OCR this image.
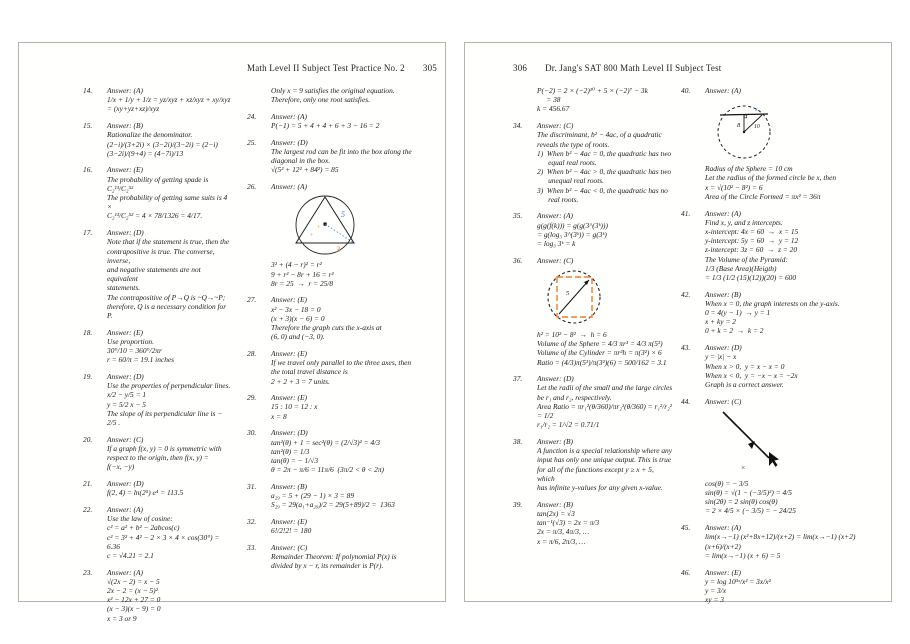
Math Level II Subject Test Practice No. 2 305
14.	Answer: (A)
1/x + 1/y + 1/z = yz/xyz + xz/xyz + xy/xyz = (xy+yz+xz)/xyz
15.	Answer: (B)
Rationalize the denominator.
(2−i)/(3+2i) × (3−2i)/(3−2i) = (2−i)(3−2i)/(9+4) = (4−7i)/13
16.	Answer: (E)
The probability of getting spade is C₂¹³/C₂⁵²
The probability of getting same suits is 4 ×
C₂¹³/C₂⁵² = 4 × 78/1326 = 4/17.
17.	Answer: (D)
Note that if the statement is true, then the
contrapositive is true. The converse, inverse,
and negative statements are not equivalent
statements.
The contrapositive of P→Q is ~Q→~P;
therefore, Q is a necessary condition for P.
18.	Answer: (E)
Use proportion.
30°/10 = 360°/2πr
r = 60/π = 19.1 inches
19.	Answer: (D)
Use the properties of perpendicular lines.
x/2 − y/5 = 1
y = 5/2 x − 5
The slope of its perpendicular line is − 2/5 .
20.	Answer: (C)
If a graph f(x, y) = 0 is symmetric with
respect to the origin, then f(x, y) =
f(−x, −y)
21.	Answer: (D)
f(2, 4) = ln(2⁵) e⁴ = 113.5
22.	Answer: (A)
Use the law of cosine:
c² = a² + b² − 2abcos(c)
c² = 3² + 4² − 2 × 3 × 4 × cos(30°) = 6.36
c = √4.21 = 2.1
23.	Answer: (A)
√(2x − 2) = x − 5
2x − 2 = (x − 5)²
x² − 12x + 27 = 0
(x − 3)(x − 9) = 0
x = 3 or 9
Only x = 9 satisfies the original equation.
Therefore, only one root satisfies.
24.	Answer: (A)
P(−1) = 5 + 4 + 4 + 6 + 3 − 16 = 2
25.	Answer: (D)
The largest rod can be fit into the box along the
diagonal in the box.
√(5² + 12² + 84²) = 85
26.	Answer: (A)
5
3
+
+
3² + (4 − r)² = r²
9 + r² − 8r + 16 = r²
8r = 25  →  r = 25/8
27.	Answer: (E)
x² − 3x − 18 = 0
(x + 3)(x − 6) = 0
Therefore the graph cuts the x-axis at
(6, 0) and (−3, 0).
28.	Answer: (E)
If we travel only parallel to the three axes, then
the total travel distance is
2 + 2 + 3 = 7 units.
29.	Answer: (E)
15 : 10 = 12 : x
x = 8
30.	Answer: (D)
tan²(θ) + 1 = sec²(θ) = (2/√3)² = 4/3
tan²(θ) = 1/3
tan(θ) = − 1/√3
θ = 2π − π/6 = 11π/6  (3π/2 < θ < 2π)
31.	Answer: (B)
a₂₉ = 5 + (29 − 1) × 3 = 89
S₂₉ = 29(a₁+a₂₉)/2 = 29(5+89)/2 =  1363
32.	Answer: (E)
6!/2!2! = 180
33.	Answer: (C)
Remainder Theorem: If polynomial P(x) is
divided by x − r, its remainder is P(r).
306 Dr. Jang's SAT 800 Math Level II Subject Test
P(−2) = 2 × (−2)¹⁰ + 5 × (−2)⁷ − 3k
= 38
k = 456.67
34.	Answer: (C)
The discriminant, b² − 4ac, of a quadratic
reveals the type of roots.
1)  When b² − 4ac = 0, the quadratic has two
equal real roots.
2)  When b² − 4ac > 0, the quadratic has two
unequal real roots.
3)  When b² − 4ac < 0, the quadratic has no
real roots.
35.	Answer: (A)
g(g(f(k))) = g(g(3^(3ᵏ)))
= g(log₃ 3^(3ᵏ)) = g(3ᵏ)
= log₃ 3ᵏ = k
36.	Answer: (C)
5
h² = 10² − 8²  →  h = 6
Volume of the Sphere = 4/3 πr³ = 4/3 π(5³)
Volume of the Cylinder = πr²h = π(3²) × 6
Ratio = (4/3)π(5³)/π(3²)(6) = 500/162 = 3.1
37.	Answer: (D)
Let the radii of the small and the large circles
be r₁ and r₂, respectively.
Area Ratio = πr₁²(θ/360)/πr₂²(θ/360) = r₁²/r₂² = 1/2
r₁/r₂ = 1/√2 = 0.71/1
38.	Answer: (B)
A function is a special relationship where any
input has only one unique output. This is true
for all of the functions except y ≥ x + 5, which
has infinite y-values for any given x-value.
39.	Answer: (B)
tan(2x) = √3
tan⁻¹(√3) = 2x = π/3
2x = π/3, 4π/3, …
x = π/6, 2π/3, …
40.	Answer: (A)
8 10
x
Radius of the Sphere = 10 cm
Let the radius of the formed circle be x, then
x = √(10² − 8²) = 6
Area of the Circle Formed = πx² = 36π
41.	Answer: (A)
Find x, y, and z intercepts.
x-intercept: 4x = 60  →  x = 15
y-intercept: 5y = 60  →  y = 12
z-intercept: 3z = 60  →  z = 20
The Volume of the Pyramid:
1/3 (Base Area)(Heigth)
= 1/3 (1/2 (15)(12))(20) = 600
42.	Answer: (B)
When x = 0, the graph interests on the y-axis.
0 = 4(y − 1)  → y = 1
x + ky = 2
0 + k = 2  →  k = 2
43.	Answer: (D)
y = |x| − x
When x > 0,  y = x − x = 0
When x < 0,  y = −x − x = −2x
Graph is a correct answer.
44.	Answer: (C)
×
cos(θ) = − 3/5
sin(θ) = √(1 − (−3/5)²) = 4/5
sin(2θ) = 2 sin(θ) cos(θ)
= 2 × 4/5 × (− 3/5) = − 24/25
45.	Answer: (A)
lim(x→−1) (x²+8x+12)/(x+2) = lim(x→−1) (x+2)(x+6)/(x+2)
= lim(x→−1) (x + 6) = 5
46.	Answer: (E)
y = log 10³ˣ/x² = 3x/x²
y = 3/x
xy = 3
